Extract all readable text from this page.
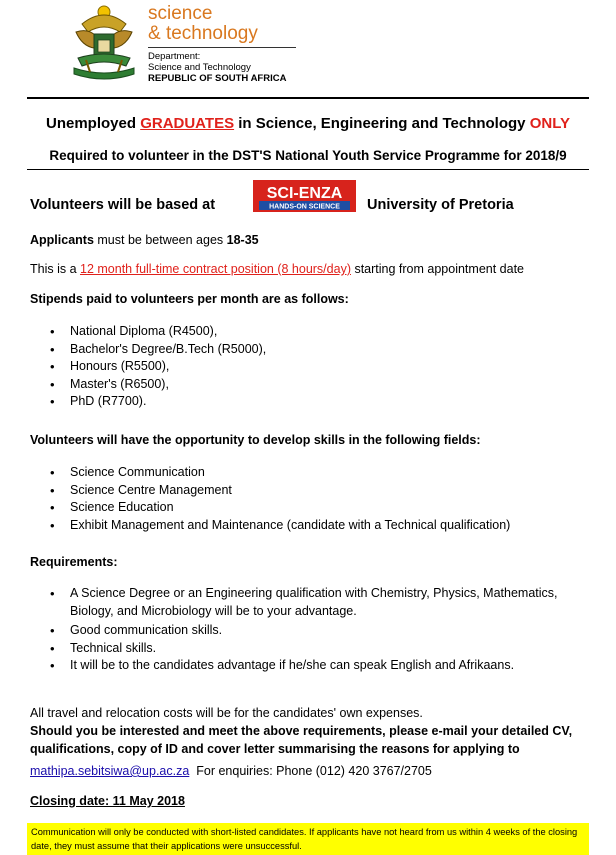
science
& technology
Department:
Science and Technology
REPUBLIC OF SOUTH AFRICA
Unemployed GRADUATES in Science, Engineering and Technology ONLY
Required to volunteer in the DST'S National Youth Service Programme for 2018/9
Volunteers will be based at
SCI-ENZA
HANDS-ON SCIENCE University of Pretoria
Applicants must be between ages 18-35
This is a 12 month full-time contract position (8 hours/day) starting from appointment date
Stipends paid to volunteers per month are as follows:
• National Diploma (R4500),
• Bachelor's Degree/B.Tech (R5000),
• Honours (R5500),
• Master's (R6500),
• PhD (R7700).
Volunteers will have the opportunity to develop skills in the following fields:
• Science Communication
• Science Centre Management
• Science Education
• Exhibit Management and Maintenance (candidate with a Technical qualification)
Requirements:
• A Science Degree or an Engineering qualification with Chemistry, Physics, Mathematics, Biology, and Microbiology will be to your advantage.
• Good communication skills.
• Technical skills.
• It will be to the candidates advantage if he/she can speak English and Afrikaans.
All travel and relocation costs will be for the candidates' own expenses.
Should you be interested and meet the above requirements, please e-mail your detailed CV, qualifications, copy of ID and cover letter summarising the reasons for applying to
mathipa.sebitsiwa@up.ac.za For enquiries: Phone (012) 420 3767/2705
Closing date: 11 May 2018
Communication will only be conducted with short-listed candidates. If applicants have not heard from us within 4 weeks of the closing date, they must assume that their applications were unsuccessful.
